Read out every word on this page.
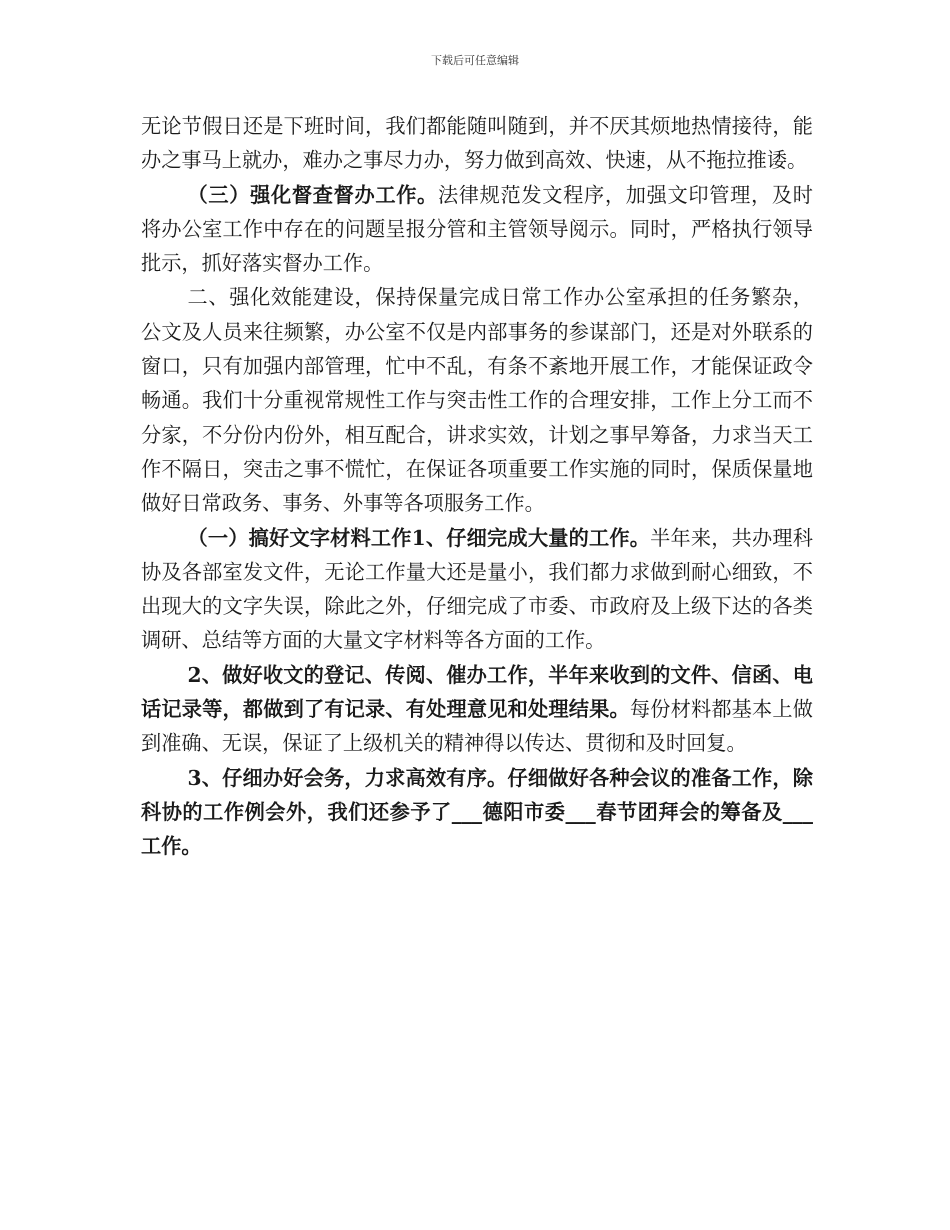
下载后可任意编辑

无论节假日还是下班时间，我们都能随叫随到，并不厌其烦地热情接待，能办之事马上就办，难办之事尽力办，努力做到高效、快速，从不拖拉推诿。

（三）强化督查督办工作。法律规范发文程序，加强文印管理，及时将办公室工作中存在的问题呈报分管和主管领导阅示。同时，严格执行领导批示，抓好落实督办工作。

二、强化效能建设，保持保量完成日常工作办公室承担的任务繁杂，公文及人员来往频繁，办公室不仅是内部事务的参谋部门，还是对外联系的窗口，只有加强内部管理，忙中不乱，有条不紊地开展工作，才能保证政令畅通。我们十分重视常规性工作与突击性工作的合理安排，工作上分工而不分家，不分份内份外，相互配合，讲求实效，计划之事早筹备，力求当天工作不隔日，突击之事不慌忙，在保证各项重要工作实施的同时，保质保量地做好日常政务、事务、外事等各项服务工作。

（一）搞好文字材料工作1、仔细完成大量的工作。半年来，共办理科协及各部室发文件，无论工作量大还是量小，我们都力求做到耐心细致，不出现大的文字失误，除此之外，仔细完成了市委、市政府及上级下达的各类调研、总结等方面的大量文字材料等各方面的工作。

2、做好收文的登记、传阅、催办工作，半年来收到的文件、信函、电话记录等，都做到了有记录、有处理意见和处理结果。每份材料都基本上做到准确、无误，保证了上级机关的精神得以传达、贯彻和及时回复。

3、仔细办好会务，力求高效有序。仔细做好各种会议的准备工作，除科协的工作例会外，我们还参予了___德阳市委___春节团拜会的筹备及___工作。
